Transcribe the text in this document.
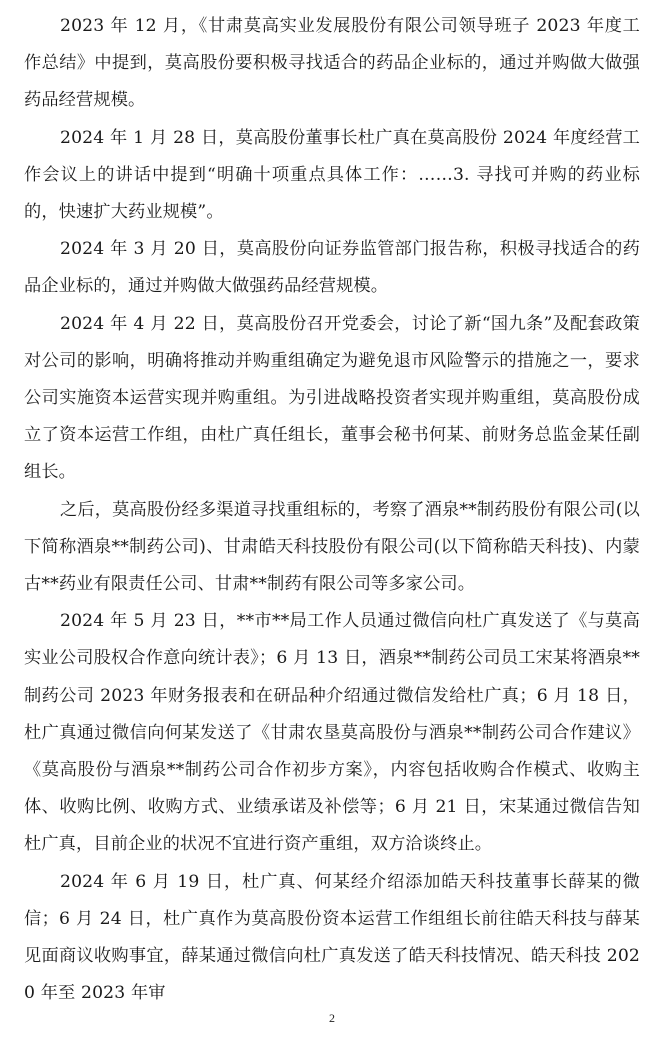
2023 年 12 月，《甘肃莫高实业发展股份有限公司领导班子 2023 年度工作总结》中提到，莫高股份要积极寻找适合的药品企业标的，通过并购做大做强药品经营规模。

2024 年 1 月 28 日，莫高股份董事长杜广真在莫高股份 2024 年度经营工作会议上的讲话中提到“明确十项重点具体工作：……3. 寻找可并购的药业标的，快速扩大药业规模”。

2024 年 3 月 20 日，莫高股份向证券监管部门报告称，积极寻找适合的药品企业标的，通过并购做大做强药品经营规模。

2024 年 4 月 22 日，莫高股份召开党委会，讨论了新“国九条”及配套政策对公司的影响，明确将推动并购重组确定为避免退市风险警示的措施之一，要求公司实施资本运营实现并购重组。为引进战略投资者实现并购重组，莫高股份成立了资本运营工作组，由杜广真任组长，董事会秘书何某、前财务总监金某任副组长。

之后，莫高股份经多渠道寻找重组标的，考察了酒泉**制药股份有限公司(以下简称酒泉**制药公司)、甘肃皓天科技股份有限公司(以下简称皓天科技)、内蒙古**药业有限责任公司、甘肃**制药有限公司等多家公司。

2024 年 5 月 23 日，**市**局工作人员通过微信向杜广真发送了《与莫高实业公司股权合作意向统计表》；6 月 13 日，酒泉**制药公司员工宋某将酒泉**制药公司 2023 年财务报表和在研品种介绍通过微信发给杜广真；6 月 18 日，杜广真通过微信向何某发送了《甘肃农垦莫高股份与酒泉**制药公司合作建议》《莫高股份与酒泉**制药公司合作初步方案》，内容包括收购合作模式、收购主体、收购比例、收购方式、业绩承诺及补偿等；6 月 21 日，宋某通过微信告知杜广真，目前企业的状况不宜进行资产重组，双方洽谈终止。

2024 年 6 月 19 日，杜广真、何某经介绍添加皓天科技董事长薛某的微信；6 月 24 日，杜广真作为莫高股份资本运营工作组组长前往皓天科技与薛某见面商议收购事宜，薛某通过微信向杜广真发送了皓天科技情况、皓天科技 2020 年至 2023 年审

2
